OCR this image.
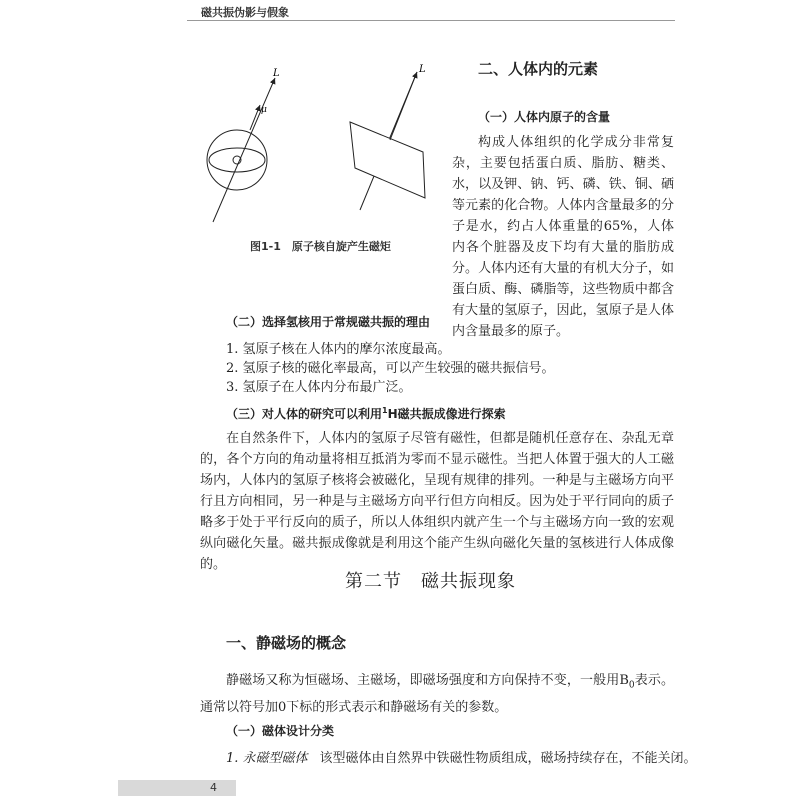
磁共振伪影与假象
L
μ
L
图1-1　原子核自旋产生磁矩
二、人体内的元素
（一）人体内原子的含量

构成人体组织的化学成分非常复杂，主要包括蛋白质、脂肪、糖类、水，以及钾、钠、钙、磷、铁、铜、硒等元素的化合物。人体内含量最多的分子是水，约占人体重量的65%，人体内各个脏器及皮下均有大量的脂肪成分。人体内还有大量的有机大分子，如蛋白质、酶、磷脂等，这些物质中都含有大量的氢原子，因此，氢原子是人体内含量最多的原子。

（二）选择氢核用于常规磁共振的理由
1. 氢原子核在人体内的摩尔浓度最高。
2. 氢原子核的磁化率最高，可以产生较强的磁共振信号。
3. 氢原子在人体内分布最广泛。
（三）对人体的研究可以利用$^1$H磁共振成像进行探索

在自然条件下，人体内的氢原子尽管有磁性，但都是随机任意存在、杂乱无章的，各个方向的角动量将相互抵消为零而不显示磁性。当把人体置于强大的人工磁场内，人体内的氢原子核将会被磁化，呈现有规律的排列。一种是与主磁场方向平行且方向相同，另一种是与主磁场方向平行但方向相反。因为处于平行同向的质子略多于处于平行反向的质子，所以人体组织内就产生一个与主磁场方向一致的宏观纵向磁化矢量。磁共振成像就是利用这个能产生纵向磁化矢量的氢核进行人体成像的。

第二节　磁共振现象
一、静磁场的概念

静磁场又称为恒磁场、主磁场，即磁场强度和方向保持不变，一般用$B_0$表示。通常以符号加0下标的形式表示和静磁场有关的参数。

（一）磁体设计分类
1. 永磁型磁体 该型磁体由自然界中铁磁性物质组成，磁场持续存在，不能关闭。
4
